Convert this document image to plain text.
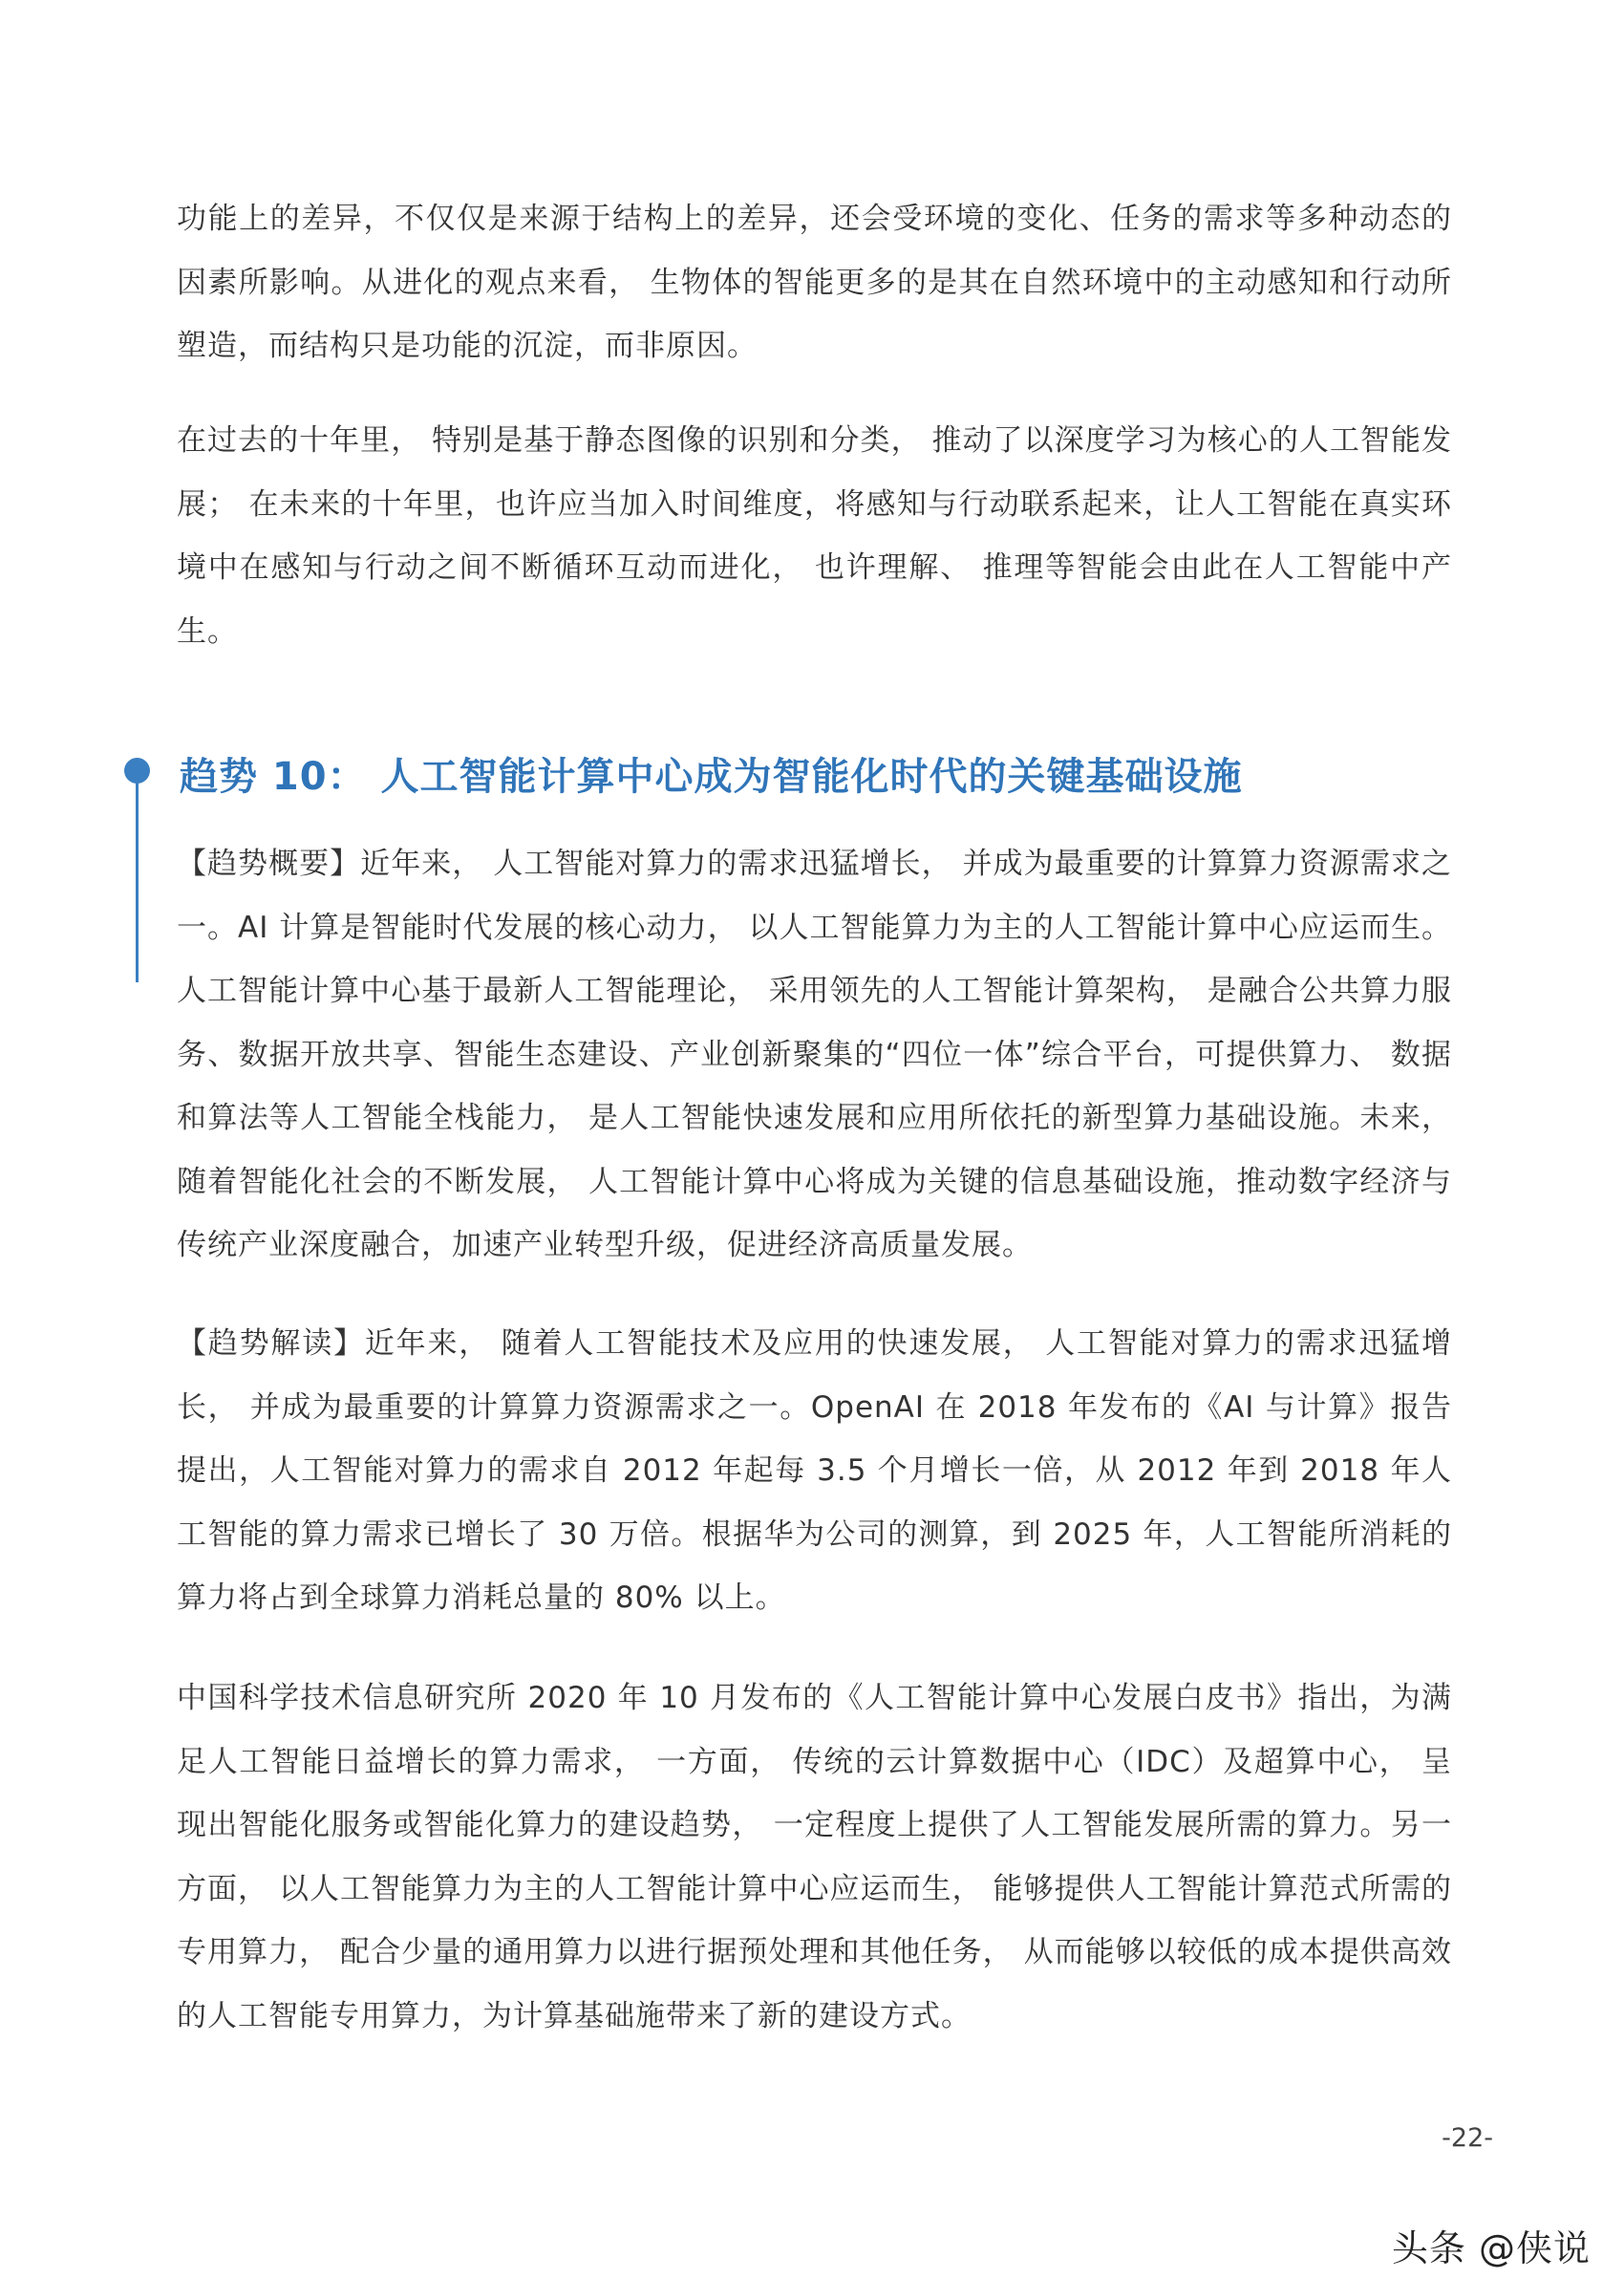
功能上的差异，不仅仅是来源于结构上的差异，还会受环境的变化、任务的需求等多种动态的因素所影响。从进化的观点来看， 生物体的智能更多的是其在自然环境中的主动感知和行动所塑造，而结构只是功能的沉淀，而非原因。

在过去的十年里， 特别是基于静态图像的识别和分类， 推动了以深度学习为核心的人工智能发展； 在未来的十年里，也许应当加入时间维度，将感知与行动联系起来，让人工智能在真实环境中在感知与行动之间不断循环互动而进化， 也许理解、 推理等智能会由此在人工智能中产生。

趋势 10： 人工智能计算中心成为智能化时代的关键基础设施

【趋势概要】近年来， 人工智能对算力的需求迅猛增长， 并成为最重要的计算算力资源需求之一。AI 计算是智能时代发展的核心动力， 以人工智能算力为主的人工智能计算中心应运而生。人工智能计算中心基于最新人工智能理论， 采用领先的人工智能计算架构， 是融合公共算力服务、数据开放共享、智能生态建设、产业创新聚集的“四位一体”综合平台，可提供算力、 数据和算法等人工智能全栈能力， 是人工智能快速发展和应用所依托的新型算力基础设施。未来， 随着智能化社会的不断发展， 人工智能计算中心将成为关键的信息基础设施，推动数字经济与传统产业深度融合，加速产业转型升级，促进经济高质量发展。

【趋势解读】近年来， 随着人工智能技术及应用的快速发展， 人工智能对算力的需求迅猛增长， 并成为最重要的计算算力资源需求之一。OpenAI 在 2018 年发布的《AI 与计算》报告提出，人工智能对算力的需求自 2012 年起每 3.5 个月增长一倍，从 2012 年到 2018 年人工智能的算力需求已增长了 30 万倍。根据华为公司的测算，到 2025 年，人工智能所消耗的算力将占到全球算力消耗总量的 80% 以上。

中国科学技术信息研究所 2020 年 10 月发布的《人工智能计算中心发展白皮书》指出，为满足人工智能日益增长的算力需求， 一方面， 传统的云计算数据中心（IDC）及超算中心， 呈现出智能化服务或智能化算力的建设趋势， 一定程度上提供了人工智能发展所需的算力。另一方面， 以人工智能算力为主的人工智能计算中心应运而生， 能够提供人工智能计算范式所需的专用算力， 配合少量的通用算力以进行据预处理和其他任务， 从而能够以较低的成本提供高效的人工智能专用算力，为计算基础施带来了新的建设方式。

-22-
头条 @侠说
